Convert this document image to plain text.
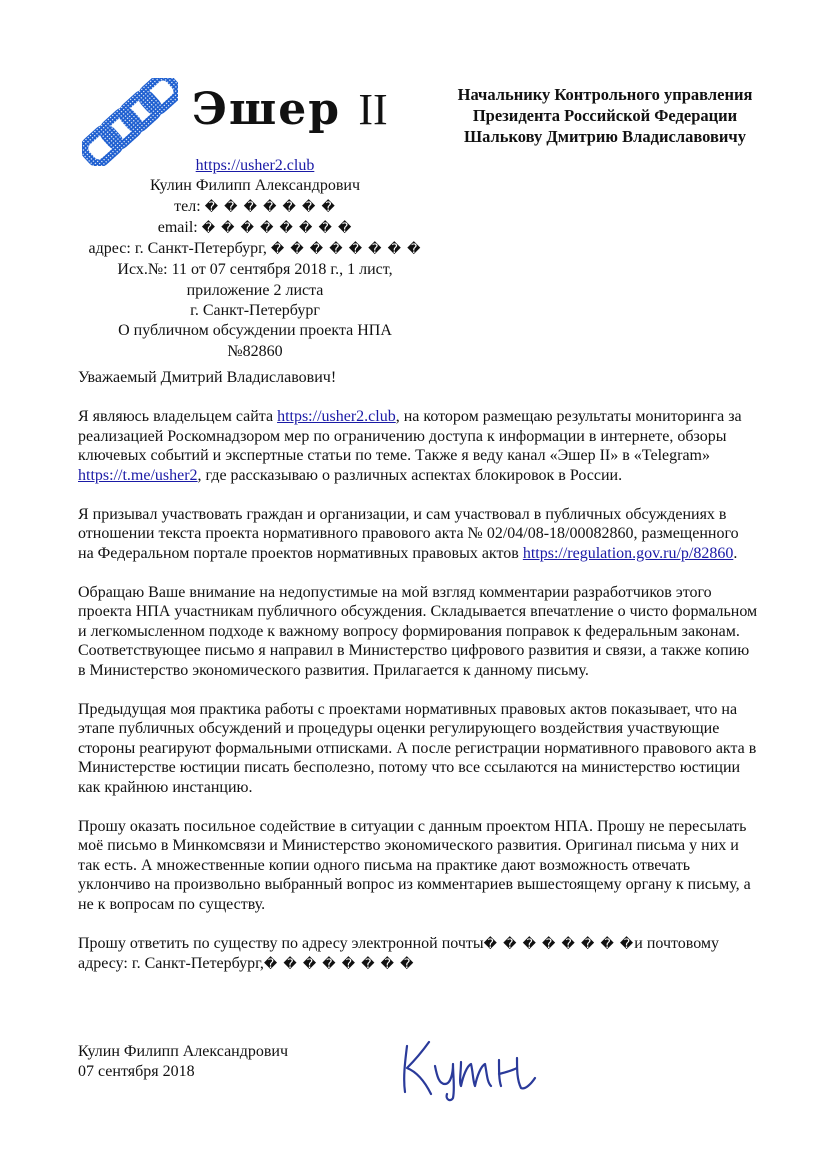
Эшер II	Начальнику Контрольного управления
Президента Российской Федерации
Шалькову Дмитрию Владиславовичу
https://usher2.club
Кулин Филипп Александрович
тел: � � � � � � �
email: � � � � � � � �
адрес: г. Санкт-Петербург, � � � � � � � �
Исх.№: 11 от 07 сентября 2018 г., 1 лист,
приложение 2 листа
г. Санкт-Петербург
О публичном обсуждении проекта НПА
№82860

Уважаемый Дмитрий Владиславович!

Я являюсь владельцем сайта https://usher2.club, на котором размещаю результаты мониторинга за реализацией Роскомнадзором мер по ограничению доступа к информации в интернете, обзоры ключевых событий и экспертные статьи по теме. Также я веду канал «Эшер II» в «Telegram» https://t.me/usher2, где рассказываю о различных аспектах блокировок в России.

Я призывал участвовать граждан и организации, и сам участвовал в публичных обсуждениях в отношении текста проекта нормативного правового акта № 02/04/08-18/00082860, размещенного на Федеральном портале проектов нормативных правовых актов https://regulation.gov.ru/p/82860.

Обращаю Ваше внимание на недопустимые на мой взгляд комментарии разработчиков этого проекта НПА участникам публичного обсуждения. Складывается впечатление о чисто формальном и легкомысленном подходе к важному вопросу формирования поправок к федеральным законам. Соответствующее письмо я направил в Министерство цифрового развития и связи, а также копию в Министерство экономического развития. Прилагается к данному письму.

Предыдущая моя практика работы с проектами нормативных правовых актов показывает, что на этапе публичных обсуждений и процедуры оценки регулирующего воздействия участвующие стороны реагируют формальными отписками. А после регистрации нормативного правового акта в Министерстве юстиции писать бесполезно, потому что все ссылаются на министерство юстиции как крайнюю инстанцию.

Прошу оказать посильное содействие в ситуации с данным проектом НПА. Прошу не пересылать моё письмо в Минкомсвязи и Министерство экономического развития. Оригинал письма у них и так есть. А множественные копии одного письма на практике дают возможность отвечать уклончиво на произвольно выбранный вопрос из комментариев вышестоящему органу к письму, а не к вопросам по существу.

Прошу ответить по существу по адресу электронной почты� � � � � � � �и почтовому адресу: г. Санкт-Петербург,� � � � � � � �

Кулин Филипп Александрович
07 сентября 2018
